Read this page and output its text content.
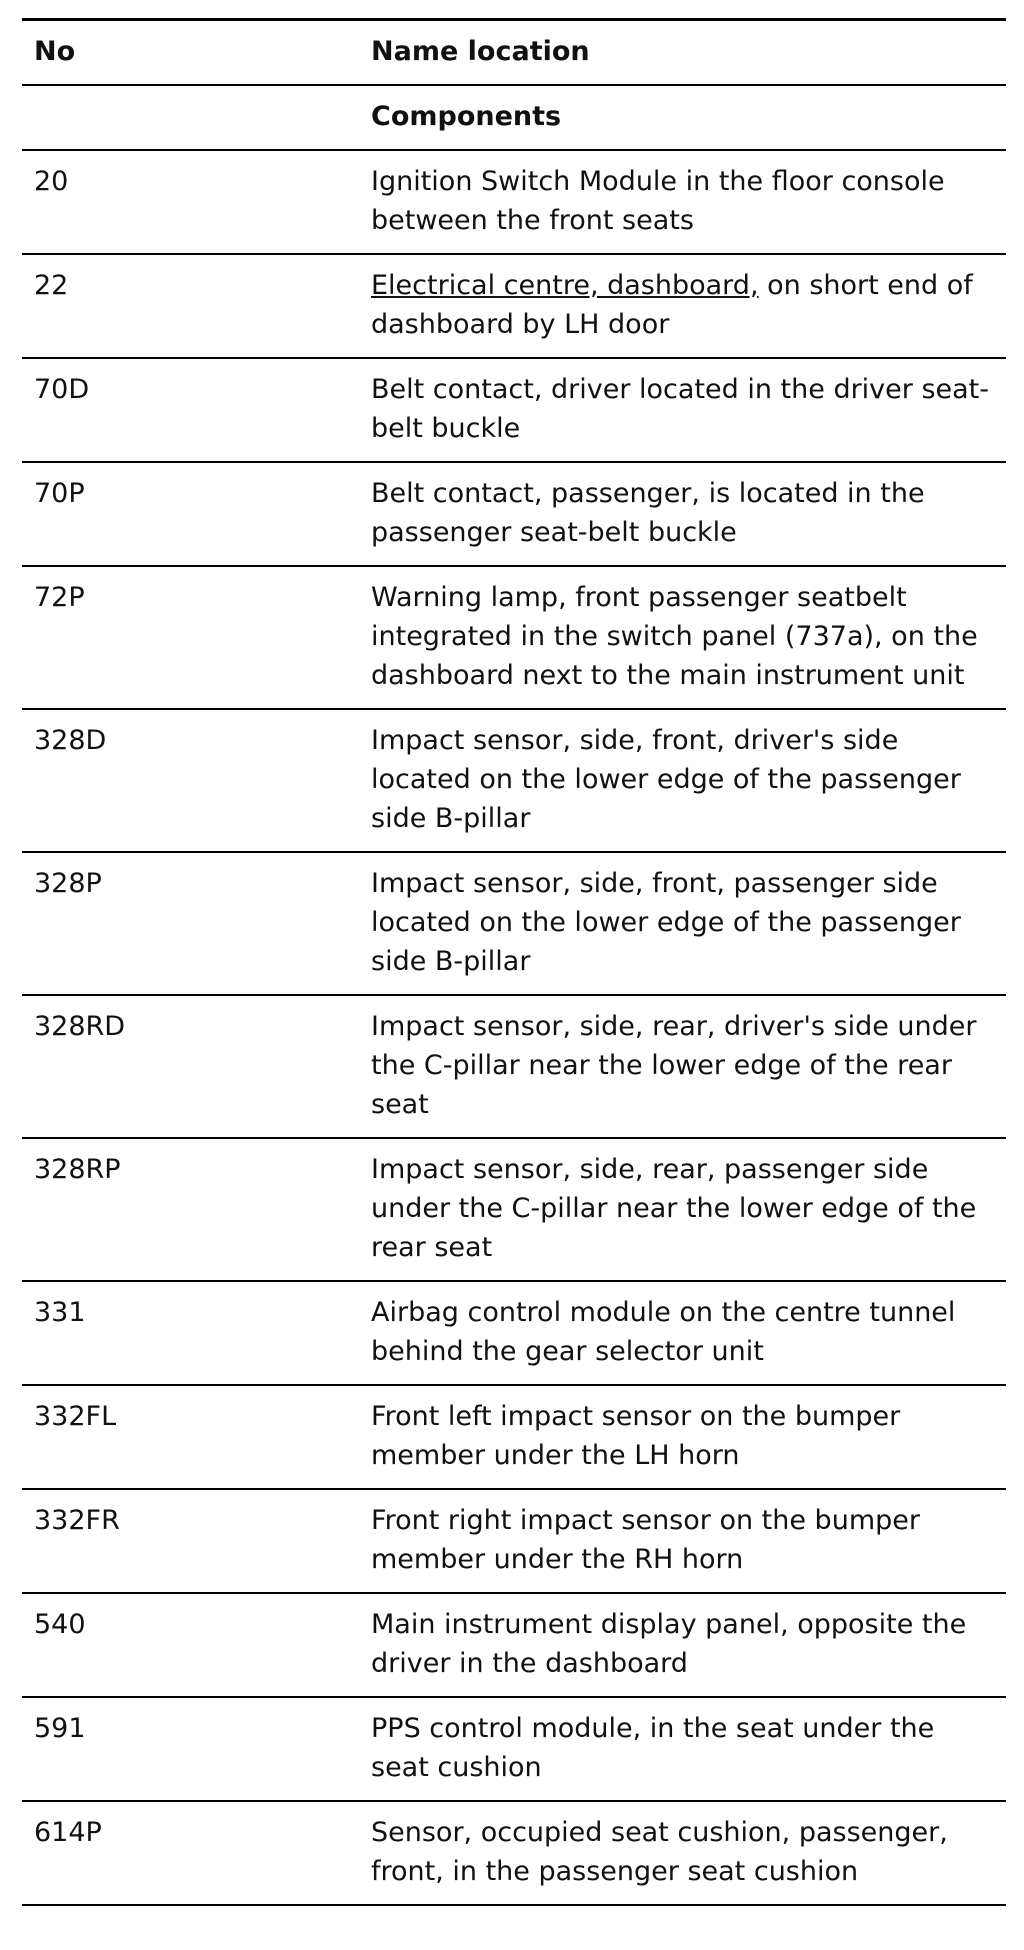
No	Name location
	Components
20	Ignition Switch Module in the floor console between the front seats
22	Electrical centre, dashboard, on short end of dashboard by LH door
70D	Belt contact, driver located in the driver seat-belt buckle
70P	Belt contact, passenger, is located in the passenger seat-belt buckle
72P	Warning lamp, front passenger seatbelt integrated in the switch panel (737a), on the dashboard next to the main instrument unit
328D	Impact sensor, side, front, driver's side located on the lower edge of the passenger side B-pillar
328P	Impact sensor, side, front, passenger side located on the lower edge of the passenger side B-pillar
328RD	Impact sensor, side, rear, driver's side under the C-pillar near the lower edge of the rear seat
328RP	Impact sensor, side, rear, passenger side under the C-pillar near the lower edge of the rear seat
331	Airbag control module on the centre tunnel behind the gear selector unit
332FL	Front left impact sensor on the bumper member under the LH horn
332FR	Front right impact sensor on the bumper member under the RH horn
540	Main instrument display panel, opposite the driver in the dashboard
591	PPS control module, in the seat under the seat cushion
614P	Sensor, occupied seat cushion, passenger, front, in the passenger seat cushion
